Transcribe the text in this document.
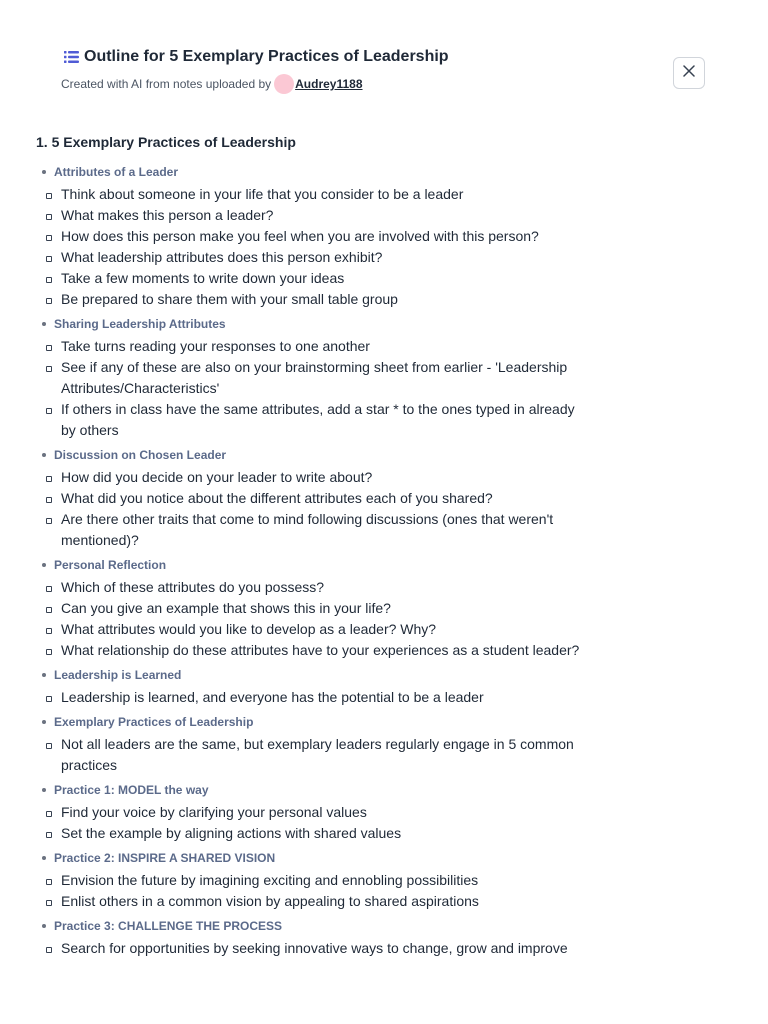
Outline for 5 Exemplary Practices of Leadership
Created with AI from notes uploaded by Audrey1188
1. 5 Exemplary Practices of Leadership
Attributes of a Leader
Think about someone in your life that you consider to be a leader
What makes this person a leader?
How does this person make you feel when you are involved with this person?
What leadership attributes does this person exhibit?
Take a few moments to write down your ideas
Be prepared to share them with your small table group
Sharing Leadership Attributes
Take turns reading your responses to one another
See if any of these are also on your brainstorming sheet from earlier - 'Leadership Attributes/Characteristics'
If others in class have the same attributes, add a star * to the ones typed in already by others
Discussion on Chosen Leader
How did you decide on your leader to write about?
What did you notice about the different attributes each of you shared?
Are there other traits that come to mind following discussions (ones that weren't mentioned)?
Personal Reflection
Which of these attributes do you possess?
Can you give an example that shows this in your life?
What attributes would you like to develop as a leader? Why?
What relationship do these attributes have to your experiences as a student leader?
Leadership is Learned
Leadership is learned, and everyone has the potential to be a leader
Exemplary Practices of Leadership
Not all leaders are the same, but exemplary leaders regularly engage in 5 common practices
Practice 1: MODEL the way
Find your voice by clarifying your personal values
Set the example by aligning actions with shared values
Practice 2: INSPIRE A SHARED VISION
Envision the future by imagining exciting and ennobling possibilities
Enlist others in a common vision by appealing to shared aspirations
Practice 3: CHALLENGE THE PROCESS
Search for opportunities by seeking innovative ways to change, grow and improve
